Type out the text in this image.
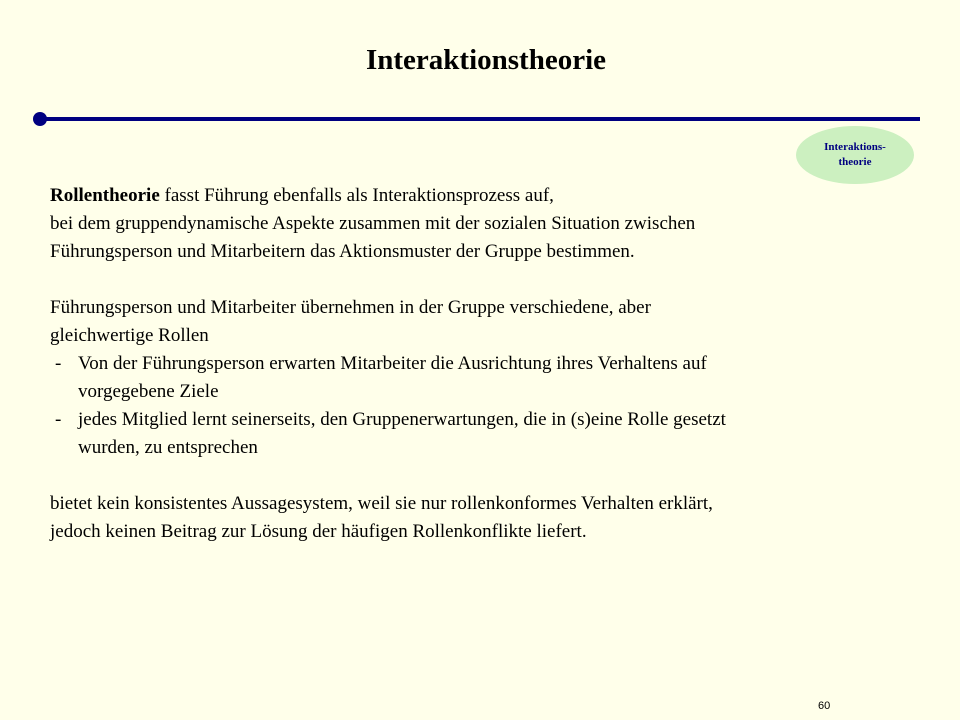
Interaktionstheorie
Interaktions-
theorie

Rollentheorie fasst Führung ebenfalls als Interaktionsprozess auf,

bei dem gruppendynamische Aspekte zusammen mit der sozialen Situation zwischen

Führungsperson und Mitarbeitern das Aktionsmuster der Gruppe bestimmen.

Führungsperson und Mitarbeiter übernehmen in der Gruppe verschiedene, aber

gleichwertige Rollen

- Von der Führungsperson erwarten Mitarbeiter die Ausrichtung ihres Verhaltens auf

vorgegebene Ziele

- jedes Mitglied lernt seinerseits, den Gruppenerwartungen, die in (s)eine Rolle gesetzt

wurden, zu entsprechen

bietet kein konsistentes Aussagesystem, weil sie nur rollenkonformes Verhalten erklärt,

jedoch keinen Beitrag zur Lösung der häufigen Rollenkonflikte liefert.

60
